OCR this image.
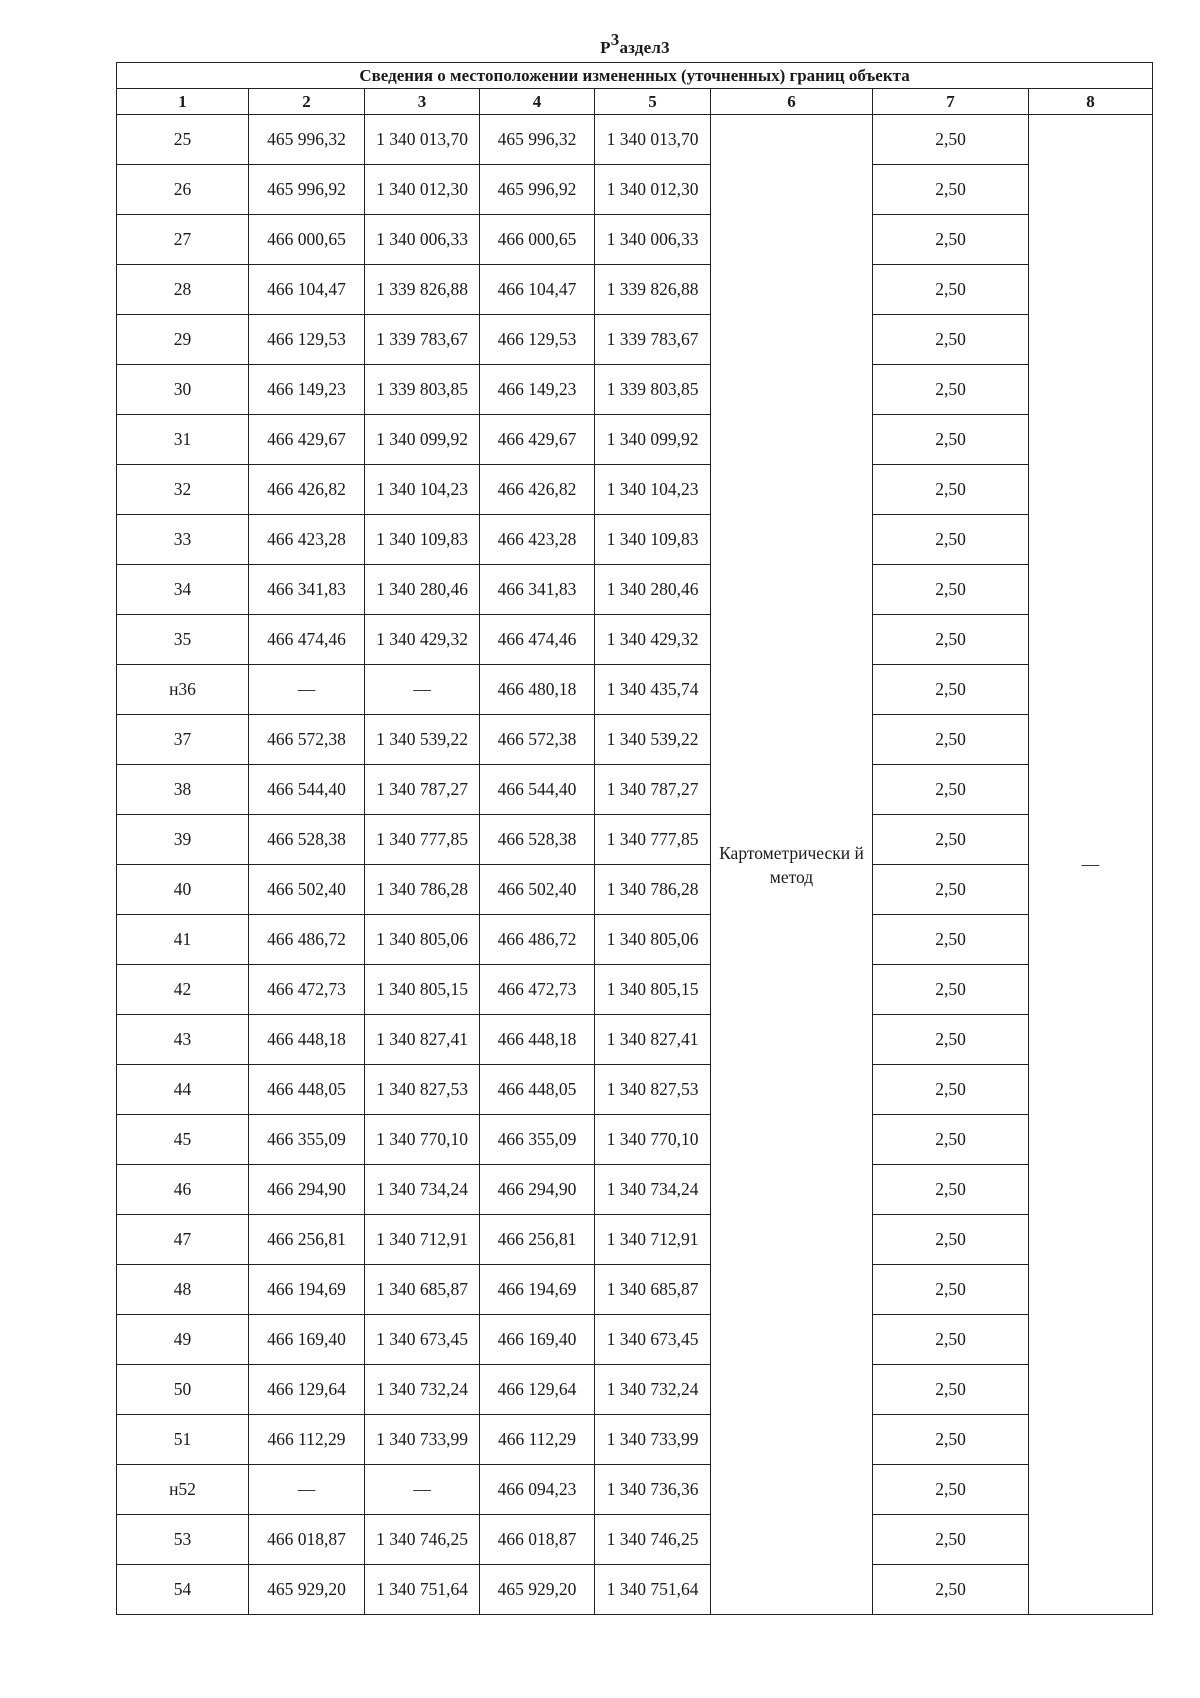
Р3аздел3
Сведения о местоположении измененных (уточненных) границ объекта							
1	2	3	4	5	6	7	8
25	465 996,32	1 340 013,70	465 996,32	1 340 013,70	Картометрически й метод	2,50	—
26	465 996,92	1 340 012,30	465 996,92	1 340 012,30		2,50	
27	466 000,65	1 340 006,33	466 000,65	1 340 006,33		2,50	
28	466 104,47	1 339 826,88	466 104,47	1 339 826,88		2,50	
29	466 129,53	1 339 783,67	466 129,53	1 339 783,67		2,50	
30	466 149,23	1 339 803,85	466 149,23	1 339 803,85		2,50	
31	466 429,67	1 340 099,92	466 429,67	1 340 099,92		2,50	
32	466 426,82	1 340 104,23	466 426,82	1 340 104,23		2,50	
33	466 423,28	1 340 109,83	466 423,28	1 340 109,83		2,50	
34	466 341,83	1 340 280,46	466 341,83	1 340 280,46		2,50	
35	466 474,46	1 340 429,32	466 474,46	1 340 429,32		2,50	
н36	—	—	466 480,18	1 340 435,74		2,50	
37	466 572,38	1 340 539,22	466 572,38	1 340 539,22		2,50	
38	466 544,40	1 340 787,27	466 544,40	1 340 787,27		2,50	
39	466 528,38	1 340 777,85	466 528,38	1 340 777,85		2,50	
40	466 502,40	1 340 786,28	466 502,40	1 340 786,28		2,50	
41	466 486,72	1 340 805,06	466 486,72	1 340 805,06		2,50	
42	466 472,73	1 340 805,15	466 472,73	1 340 805,15		2,50	
43	466 448,18	1 340 827,41	466 448,18	1 340 827,41		2,50	
44	466 448,05	1 340 827,53	466 448,05	1 340 827,53		2,50	
45	466 355,09	1 340 770,10	466 355,09	1 340 770,10		2,50	
46	466 294,90	1 340 734,24	466 294,90	1 340 734,24		2,50	
47	466 256,81	1 340 712,91	466 256,81	1 340 712,91		2,50	
48	466 194,69	1 340 685,87	466 194,69	1 340 685,87		2,50	
49	466 169,40	1 340 673,45	466 169,40	1 340 673,45		2,50	
50	466 129,64	1 340 732,24	466 129,64	1 340 732,24		2,50	
51	466 112,29	1 340 733,99	466 112,29	1 340 733,99		2,50	
н52	—	—	466 094,23	1 340 736,36		2,50	
53	466 018,87	1 340 746,25	466 018,87	1 340 746,25		2,50	
54	465 929,20	1 340 751,64	465 929,20	1 340 751,64		2,50	
